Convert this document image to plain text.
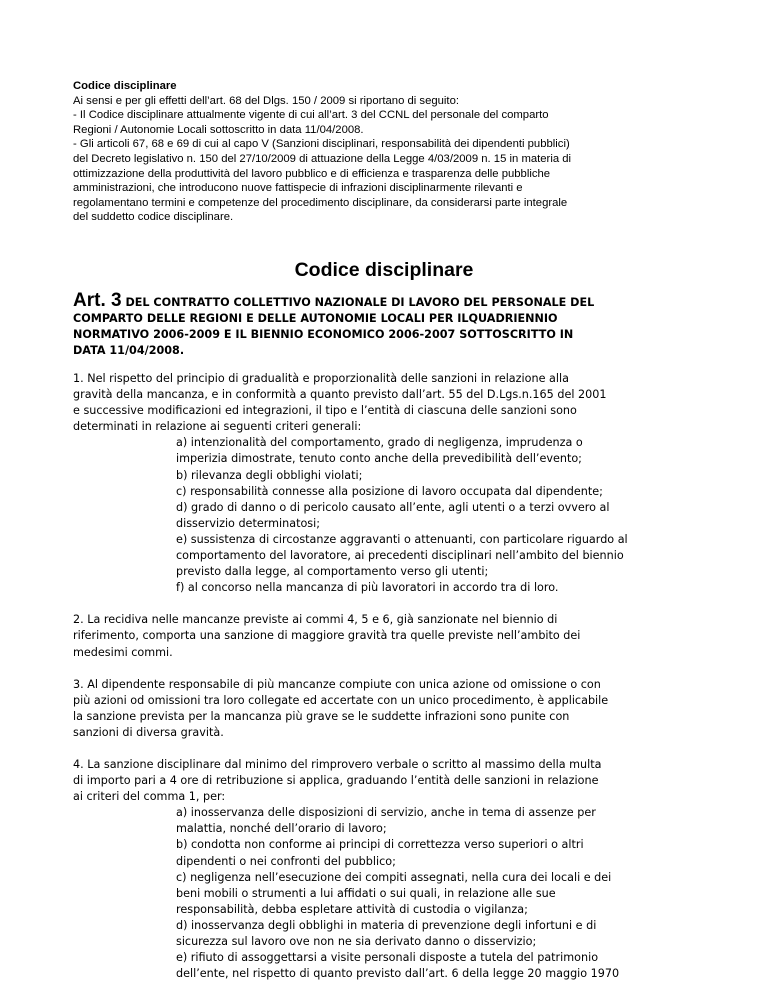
Codice disciplinare
Ai sensi e per gli effetti dell’art. 68 del Dlgs. 150 / 2009 si riportano di seguito:
- Il Codice disciplinare attualmente vigente di cui all’art. 3 del CCNL del personale del comparto
Regioni / Autonomie Locali sottoscritto in data 11/04/2008.
- Gli articoli 67, 68 e 69 di cui al capo V (Sanzioni disciplinari, responsabilità dei dipendenti pubblici)
del Decreto legislativo n. 150 del 27/10/2009 di attuazione della Legge 4/03/2009 n. 15 in materia di
ottimizzazione della produttività del lavoro pubblico e di efficienza e trasparenza delle pubbliche
amministrazioni, che introducono nuove fattispecie di infrazioni disciplinarmente rilevanti e
regolamentano termini e competenze del procedimento disciplinare, da considerarsi parte integrale
del suddetto codice disciplinare.
Codice disciplinare
Art. 3 DEL CONTRATTO COLLETTIVO NAZIONALE DI LAVORO DEL PERSONALE DEL
COMPARTO DELLE REGIONI E DELLE AUTONOMIE LOCALI PER ILQUADRIENNIO
NORMATIVO 2006-2009 E IL BIENNIO ECONOMICO 2006-2007 SOTTOSCRITTO IN
DATA 11/04/2008.
1. Nel rispetto del principio di gradualità e proporzionalità delle sanzioni in relazione alla
gravità della mancanza, e in conformità a quanto previsto dall’art. 55 del D.Lgs.n.165 del 2001
e successive modificazioni ed integrazioni, il tipo e l’entità di ciascuna delle sanzioni sono
determinati in relazione ai seguenti criteri generali:
a) intenzionalità del comportamento, grado di negligenza, imprudenza o
imperizia dimostrate, tenuto conto anche della prevedibilità dell’evento;
b) rilevanza degli obblighi violati;
c) responsabilità connesse alla posizione di lavoro occupata dal dipendente;
d) grado di danno o di pericolo causato all’ente, agli utenti o a terzi ovvero al
disservizio determinatosi;
e) sussistenza di circostanze aggravanti o attenuanti, con particolare riguardo al
comportamento del lavoratore, ai precedenti disciplinari nell’ambito del biennio
previsto dalla legge, al comportamento verso gli utenti;
f) al concorso nella mancanza di più lavoratori in accordo tra di loro.
2. La recidiva nelle mancanze previste ai commi 4, 5 e 6, già sanzionate nel biennio di
riferimento, comporta una sanzione di maggiore gravità tra quelle previste nell’ambito dei
medesimi commi.
3. Al dipendente responsabile di più mancanze compiute con unica azione od omissione o con
più azioni od omissioni tra loro collegate ed accertate con un unico procedimento, è applicabile
la sanzione prevista per la mancanza più grave se le suddette infrazioni sono punite con
sanzioni di diversa gravità.
4. La sanzione disciplinare dal minimo del rimprovero verbale o scritto al massimo della multa
di importo pari a 4 ore di retribuzione si applica, graduando l’entità delle sanzioni in relazione
ai criteri del comma 1, per:
a) inosservanza delle disposizioni di servizio, anche in tema di assenze per
malattia, nonché dell’orario di lavoro;
b) condotta non conforme ai principi di correttezza verso superiori o altri
dipendenti o nei confronti del pubblico;
c) negligenza nell’esecuzione dei compiti assegnati, nella cura dei locali e dei
beni mobili o strumenti a lui affidati o sui quali, in relazione alle sue
responsabilità, debba espletare attività di custodia o vigilanza;
d) inosservanza degli obblighi in materia di prevenzione degli infortuni e di
sicurezza sul lavoro ove non ne sia derivato danno o disservizio;
e) rifiuto di assoggettarsi a visite personali disposte a tutela del patrimonio
dell’ente, nel rispetto di quanto previsto dall’art. 6 della legge 20 maggio 1970
